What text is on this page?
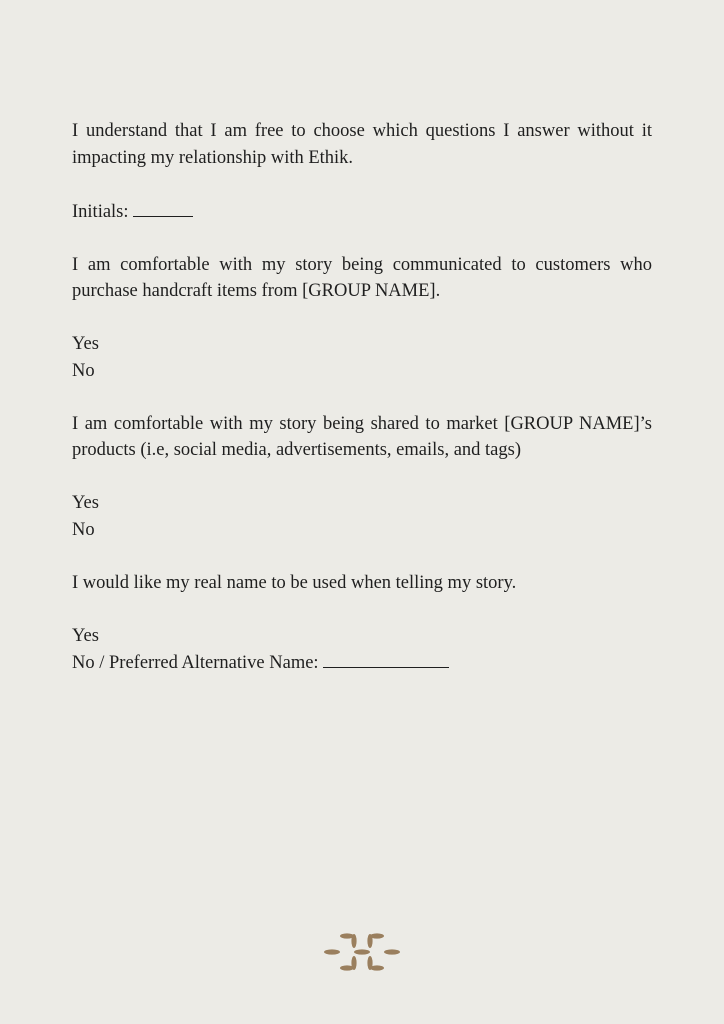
I understand that I am free to choose which questions I answer without it impacting my relationship with Ethik.

Initials:

I am comfortable with my story being communicated to customers who purchase handcraft items from [GROUP NAME].

Yes

No

I am comfortable with my story being shared to market [GROUP NAME]’s products (i.e, social media, advertisements, emails, and tags)

Yes

No

I would like my real name to be used when telling my story.

Yes

No / Preferred Alternative Name:
